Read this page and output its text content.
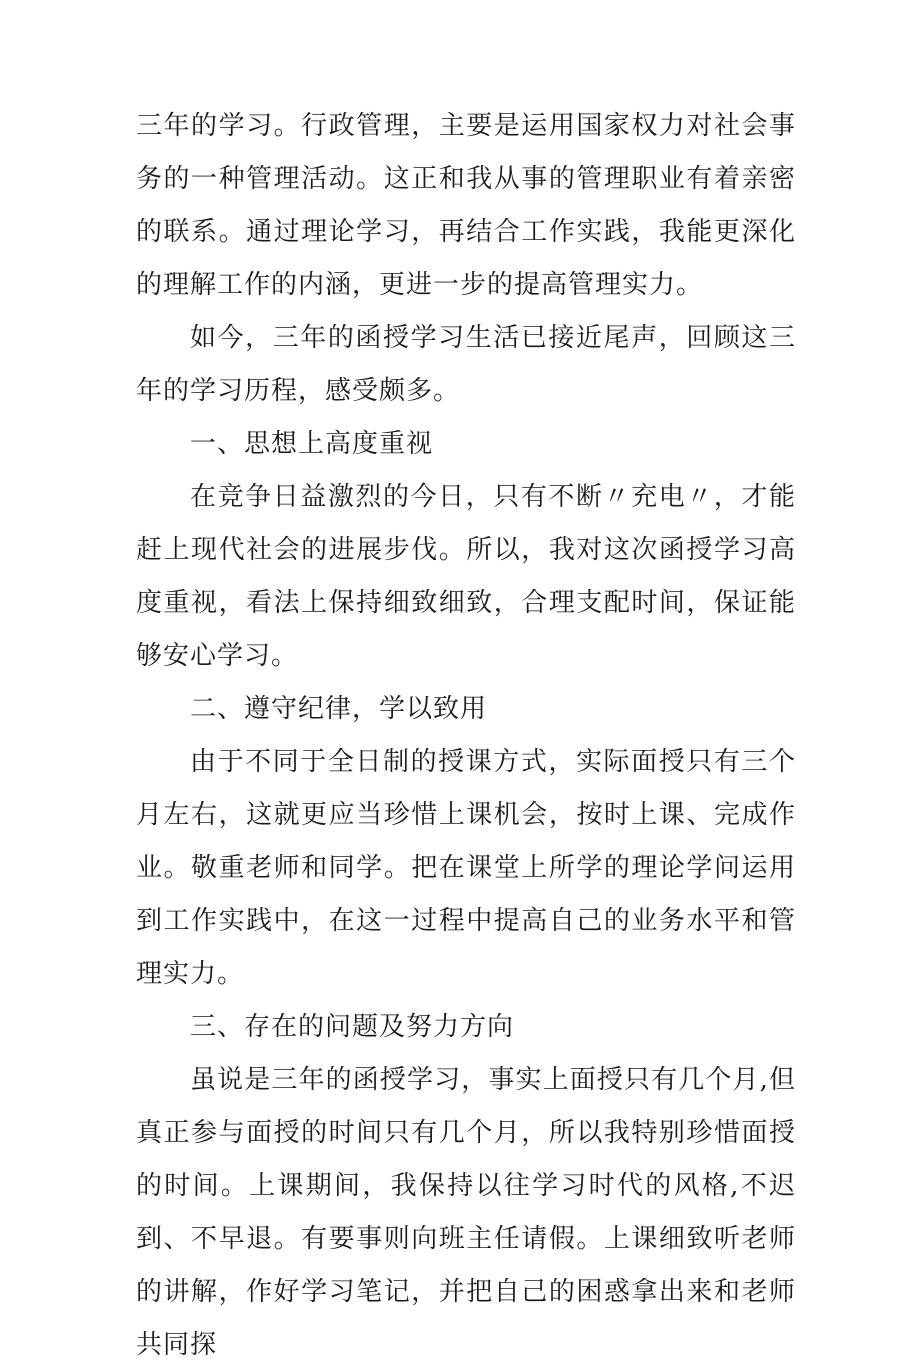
三年的学习。行政管理，主要是运用国家权力对社会事务的一种管理活动。这正和我从事的管理职业有着亲密的联系。通过理论学习，再结合工作实践，我能更深化的理解工作的内涵，更进一步的提高管理实力。

如今，三年的函授学习生活已接近尾声，回顾这三年的学习历程，感受颇多。

一、思想上高度重视

在竞争日益激烈的今日，只有不断〃充电〃，才能赶上现代社会的进展步伐。所以，我对这次函授学习高度重视，看法上保持细致细致，合理支配时间，保证能够安心学习。

二、遵守纪律，学以致用

由于不同于全日制的授课方式，实际面授只有三个月左右，这就更应当珍惜上课机会，按时上课、完成作业。敬重老师和同学。把在课堂上所学的理论学问运用到工作实践中，在这一过程中提高自己的业务水平和管理实力。

三、存在的问题及努力方向

虽说是三年的函授学习，事实上面授只有几个月,但真正参与面授的时间只有几个月，所以我特别珍惜面授的时间。上课期间，我保持以往学习时代的风格,不迟到、不早退。有要事则向班主任请假。上课细致听老师的讲解，作好学习笔记，并把自己的困惑拿出来和老师共同探
